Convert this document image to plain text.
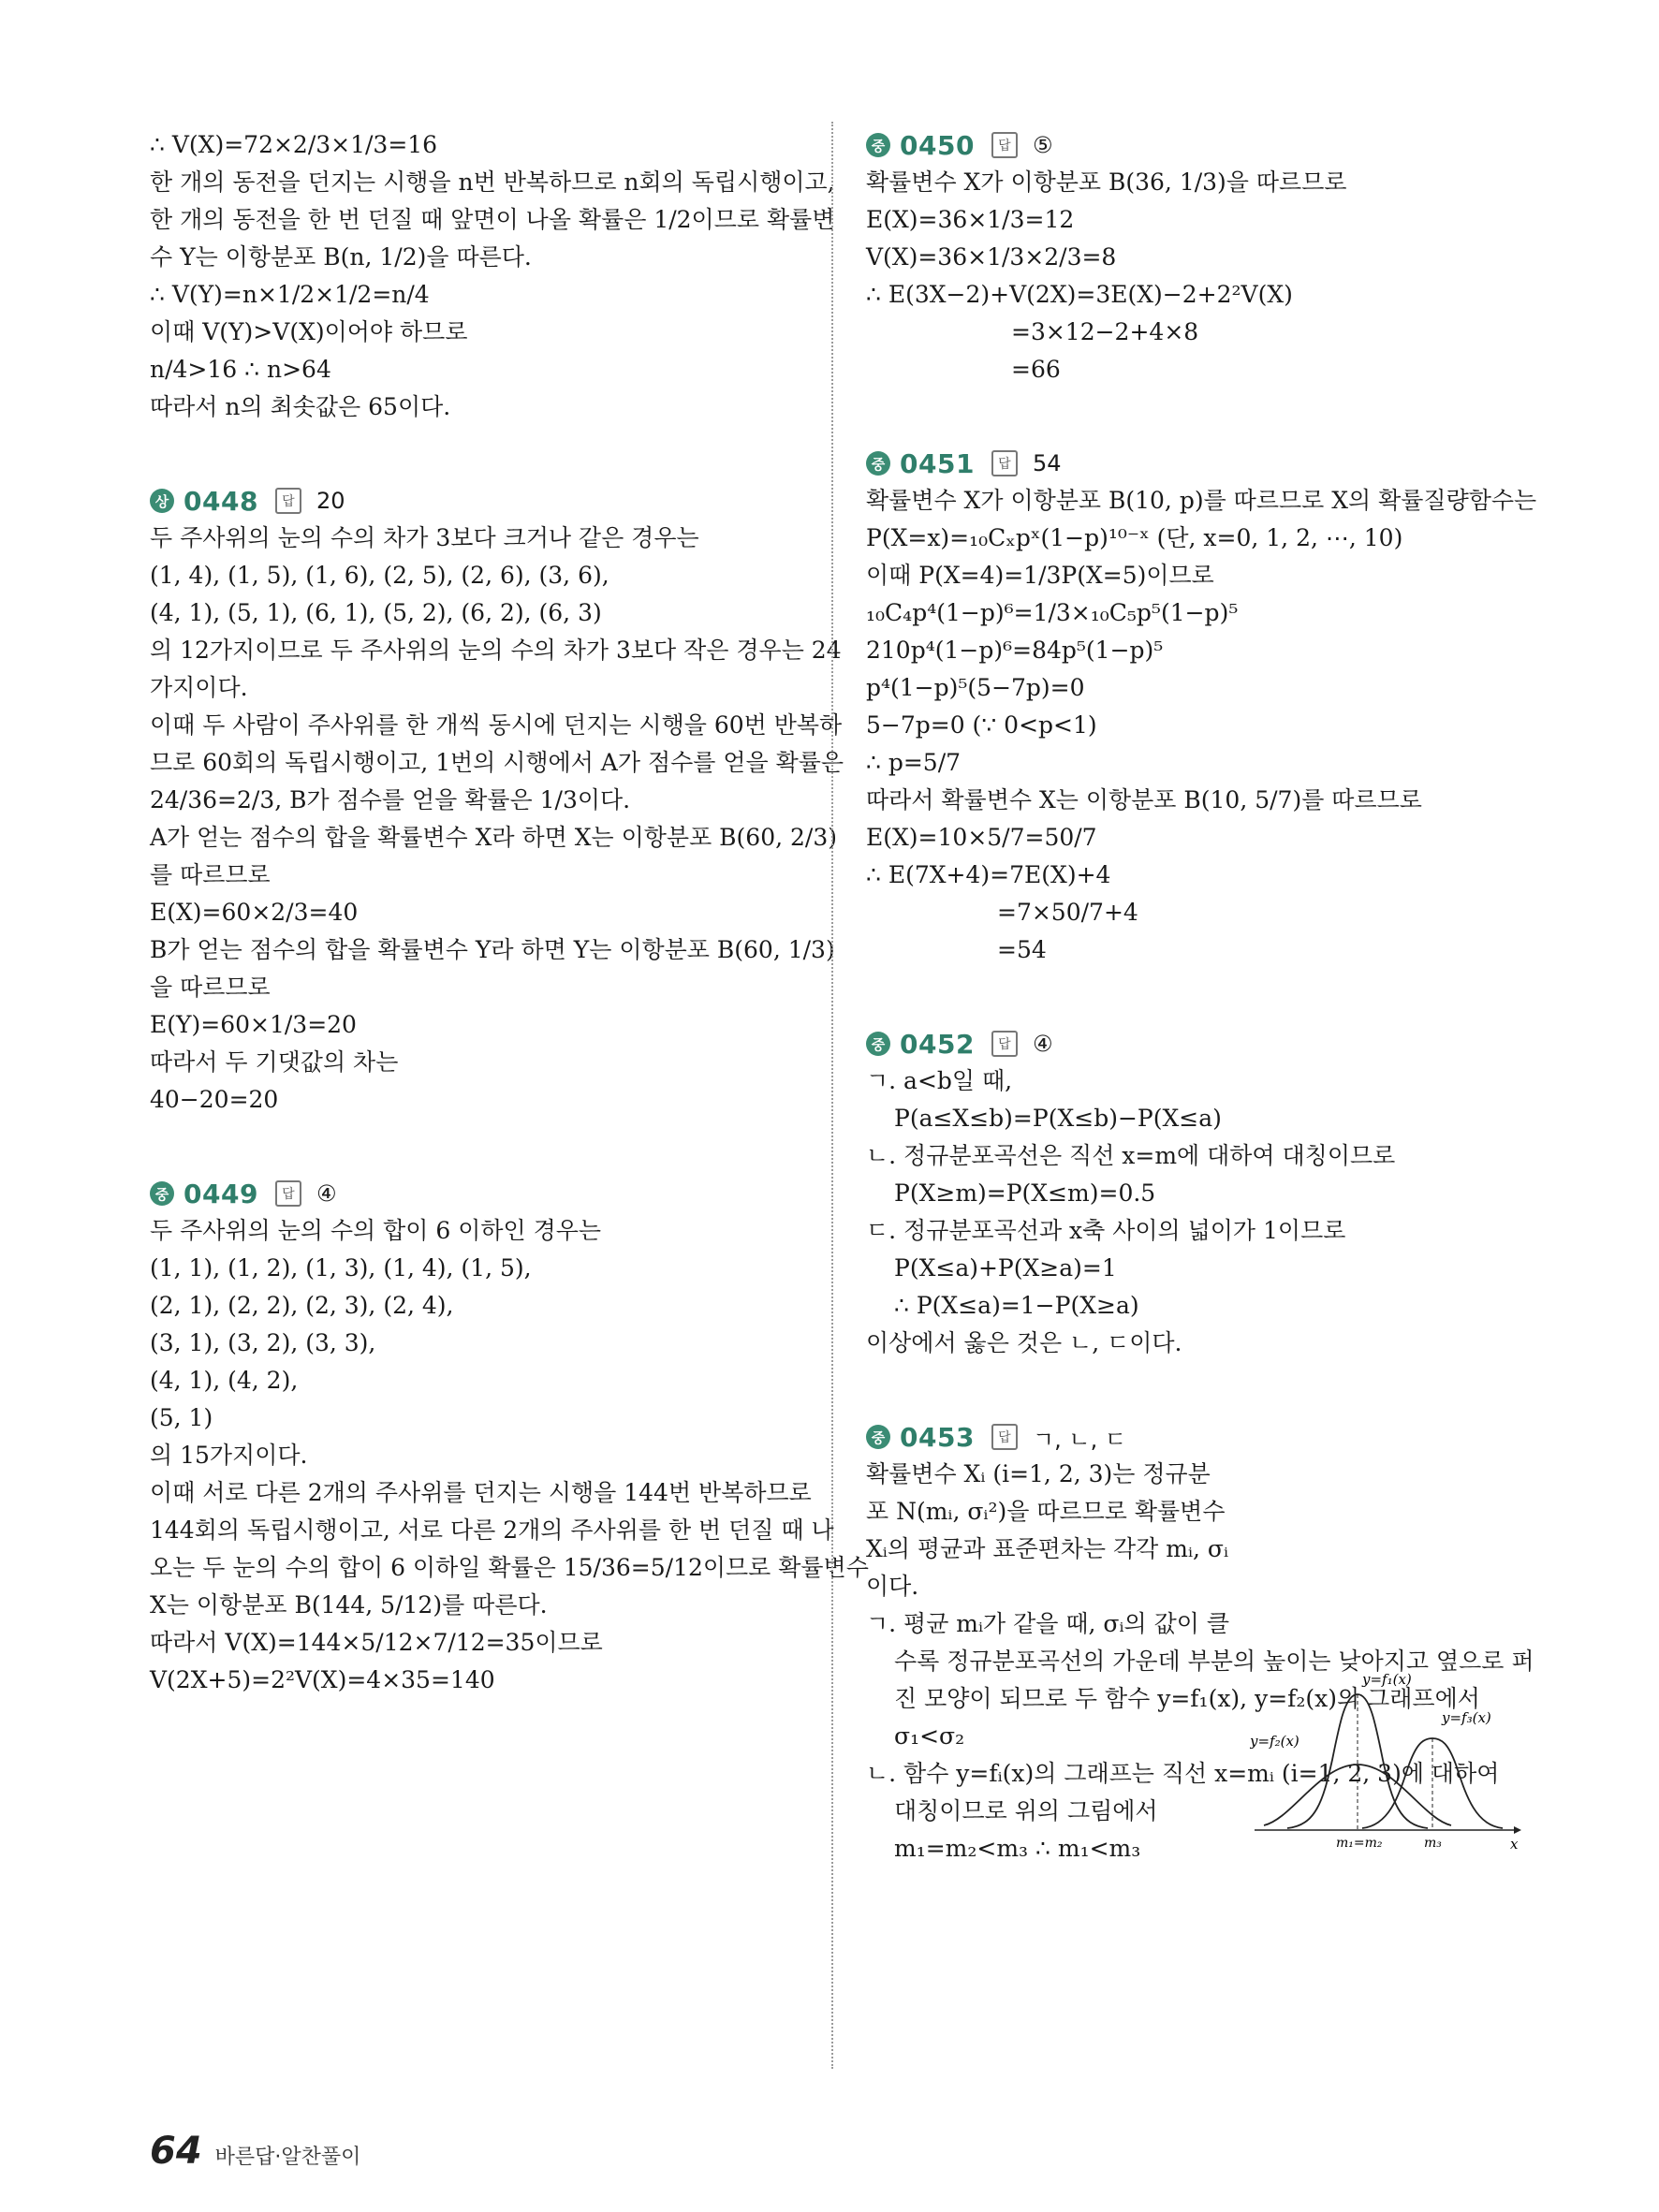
∴ V(X)=72×2/3×1/3=16
한 개의 동전을 던지는 시행을 n번 반복하므로 n회의 독립시행이고,
한 개의 동전을 한 번 던질 때 앞면이 나올 확률은 1/2이므로 확률변
수 Y는 이항분포 B(n, 1/2)을 따른다.
∴ V(Y)=n×1/2×1/2=n/4
이때 V(Y)>V(X)이어야 하므로
n/4>16 ∴ n>64
따라서 n의 최솟값은 65이다.
상 0448	답 20
두 주사위의 눈의 수의 차가 3보다 크거나 같은 경우는
(1, 4), (1, 5), (1, 6), (2, 5), (2, 6), (3, 6),
(4, 1), (5, 1), (6, 1), (5, 2), (6, 2), (6, 3)
의 12가지이므로 두 주사위의 눈의 수의 차가 3보다 작은 경우는 24
가지이다.
이때 두 사람이 주사위를 한 개씩 동시에 던지는 시행을 60번 반복하
므로 60회의 독립시행이고, 1번의 시행에서 A가 점수를 얻을 확률은
24/36=2/3, B가 점수를 얻을 확률은 1/3이다.
A가 얻는 점수의 합을 확률변수 X라 하면 X는 이항분포 B(60, 2/3)
를 따르므로
E(X)=60×2/3=40
B가 얻는 점수의 합을 확률변수 Y라 하면 Y는 이항분포 B(60, 1/3)
을 따르므로
E(Y)=60×1/3=20
따라서 두 기댓값의 차는
40−20=20
중 0449	답 ④
두 주사위의 눈의 수의 합이 6 이하인 경우는
(1, 1), (1, 2), (1, 3), (1, 4), (1, 5),
(2, 1), (2, 2), (2, 3), (2, 4),
(3, 1), (3, 2), (3, 3),
(4, 1), (4, 2),
(5, 1)
의 15가지이다.
이때 서로 다른 2개의 주사위를 던지는 시행을 144번 반복하므로
144회의 독립시행이고, 서로 다른 2개의 주사위를 한 번 던질 때 나
오는 두 눈의 수의 합이 6 이하일 확률은 15/36=5/12이므로 확률변수
X는 이항분포 B(144, 5/12)를 따른다.
따라서 V(X)=144×5/12×7/12=35이므로
V(2X+5)=2²V(X)=4×35=140
중 0450	답 ⑤
확률변수 X가 이항분포 B(36, 1/3)을 따르므로
E(X)=36×1/3=12
V(X)=36×1/3×2/3=8
∴ E(3X−2)+V(2X)=3E(X)−2+2²V(X)
=3×12−2+4×8
=66
중 0451	답 54
확률변수 X가 이항분포 B(10, p)를 따르므로 X의 확률질량함수는
P(X=x)=₁₀Cₓpˣ(1−p)¹⁰⁻ˣ (단, x=0, 1, 2, ⋯, 10)
이때 P(X=4)=1/3P(X=5)이므로
₁₀C₄p⁴(1−p)⁶=1/3×₁₀C₅p⁵(1−p)⁵
210p⁴(1−p)⁶=84p⁵(1−p)⁵
p⁴(1−p)⁵(5−7p)=0
5−7p=0 (∵ 0<p<1)
∴ p=5/7
따라서 확률변수 X는 이항분포 B(10, 5/7)를 따르므로
E(X)=10×5/7=50/7
∴ E(7X+4)=7E(X)+4
=7×50/7+4
=54
중 0452	답 ④
ㄱ. a<b일 때,
P(a≤X≤b)=P(X≤b)−P(X≤a)
ㄴ. 정규분포곡선은 직선 x=m에 대하여 대칭이므로
P(X≥m)=P(X≤m)=0.5
ㄷ. 정규분포곡선과 x축 사이의 넓이가 1이므로
P(X≤a)+P(X≥a)=1
∴ P(X≤a)=1−P(X≥a)
이상에서 옳은 것은 ㄴ, ㄷ이다.
중 0453	답 ㄱ, ㄴ, ㄷ
확률변수 Xᵢ (i=1, 2, 3)는 정규분
포 N(mᵢ, σᵢ²)을 따르므로 확률변수
Xᵢ의 평균과 표준편차는 각각 mᵢ, σᵢ
이다.
ㄱ. 평균 mᵢ가 같을 때, σᵢ의 값이 클
수록 정규분포곡선의 가운데 부분의 높이는 낮아지고 옆으로 퍼
진 모양이 되므로 두 함수 y=f₁(x), y=f₂(x)의 그래프에서
σ₁<σ₂
ㄴ. 함수 y=fᵢ(x)의 그래프는 직선 x=mᵢ (i=1, 2, 3)에 대하여
대칭이므로 위의 그림에서
m₁=m₂<m₃ ∴ m₁<m₃
y=f₁(x)
y=f₂(x)
y=f₃(x)
m₁=m₂	m₃	x
64 바른답·알찬풀이
